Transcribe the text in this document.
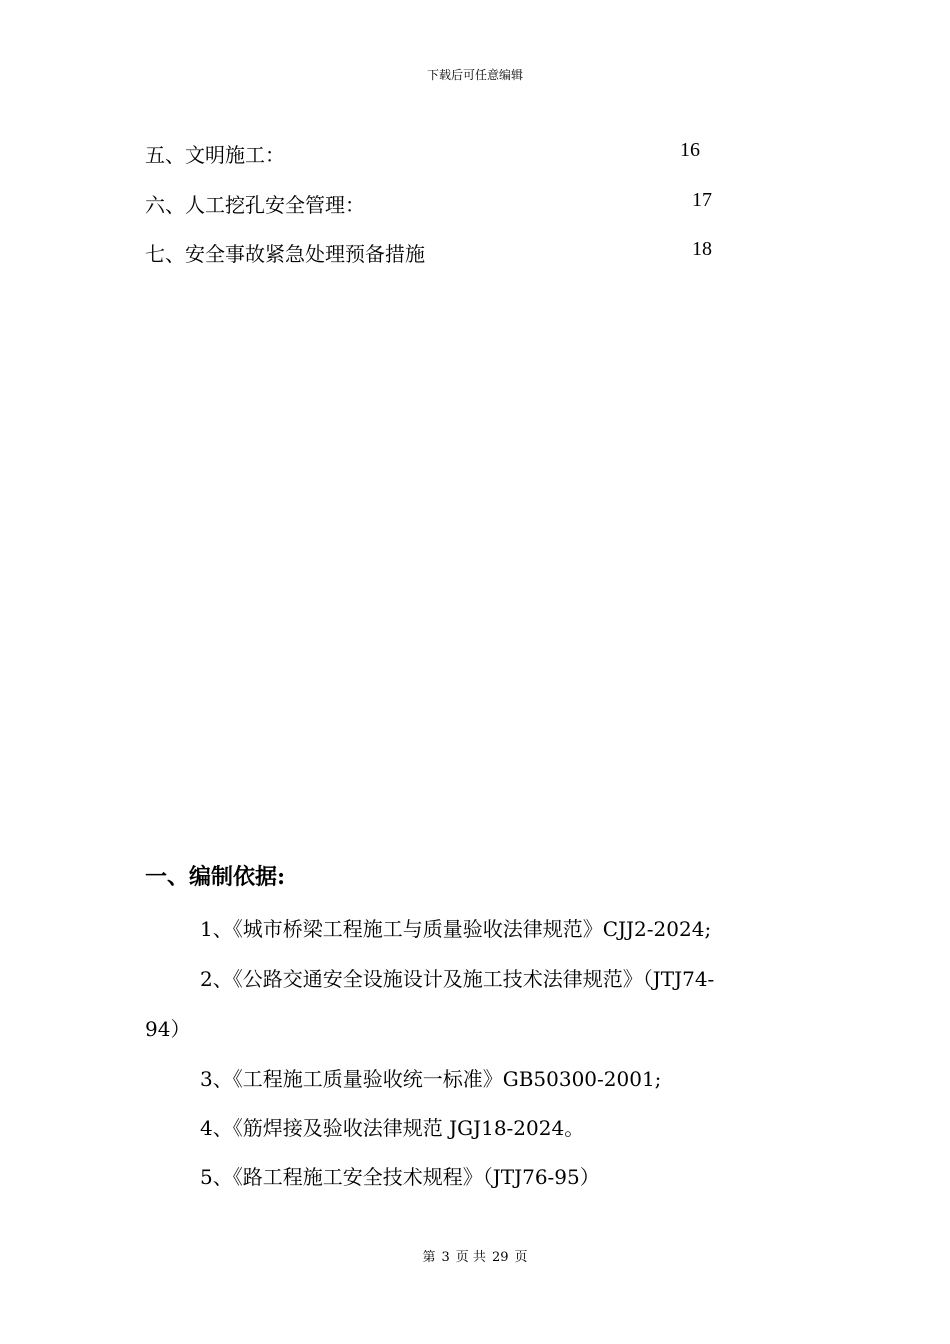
下载后可任意编辑
五、文明施工：	16
六、人工挖孔安全管理：	17
七、安全事故紧急处理预备措施	18
一、编制依据:
1、《城市桥梁工程施工与质量验收法律规范》CJJ2-2024;
2、《公路交通安全设施设计及施工技术法律规范》（JTJ74-
94）
3、《工程施工质量验收统一标准》GB50300-2001;
4、《筋焊接及验收法律规范 JGJ18-2024。
5、《路工程施工安全技术规程》（JTJ76-95）
第 3 页 共 29 页
